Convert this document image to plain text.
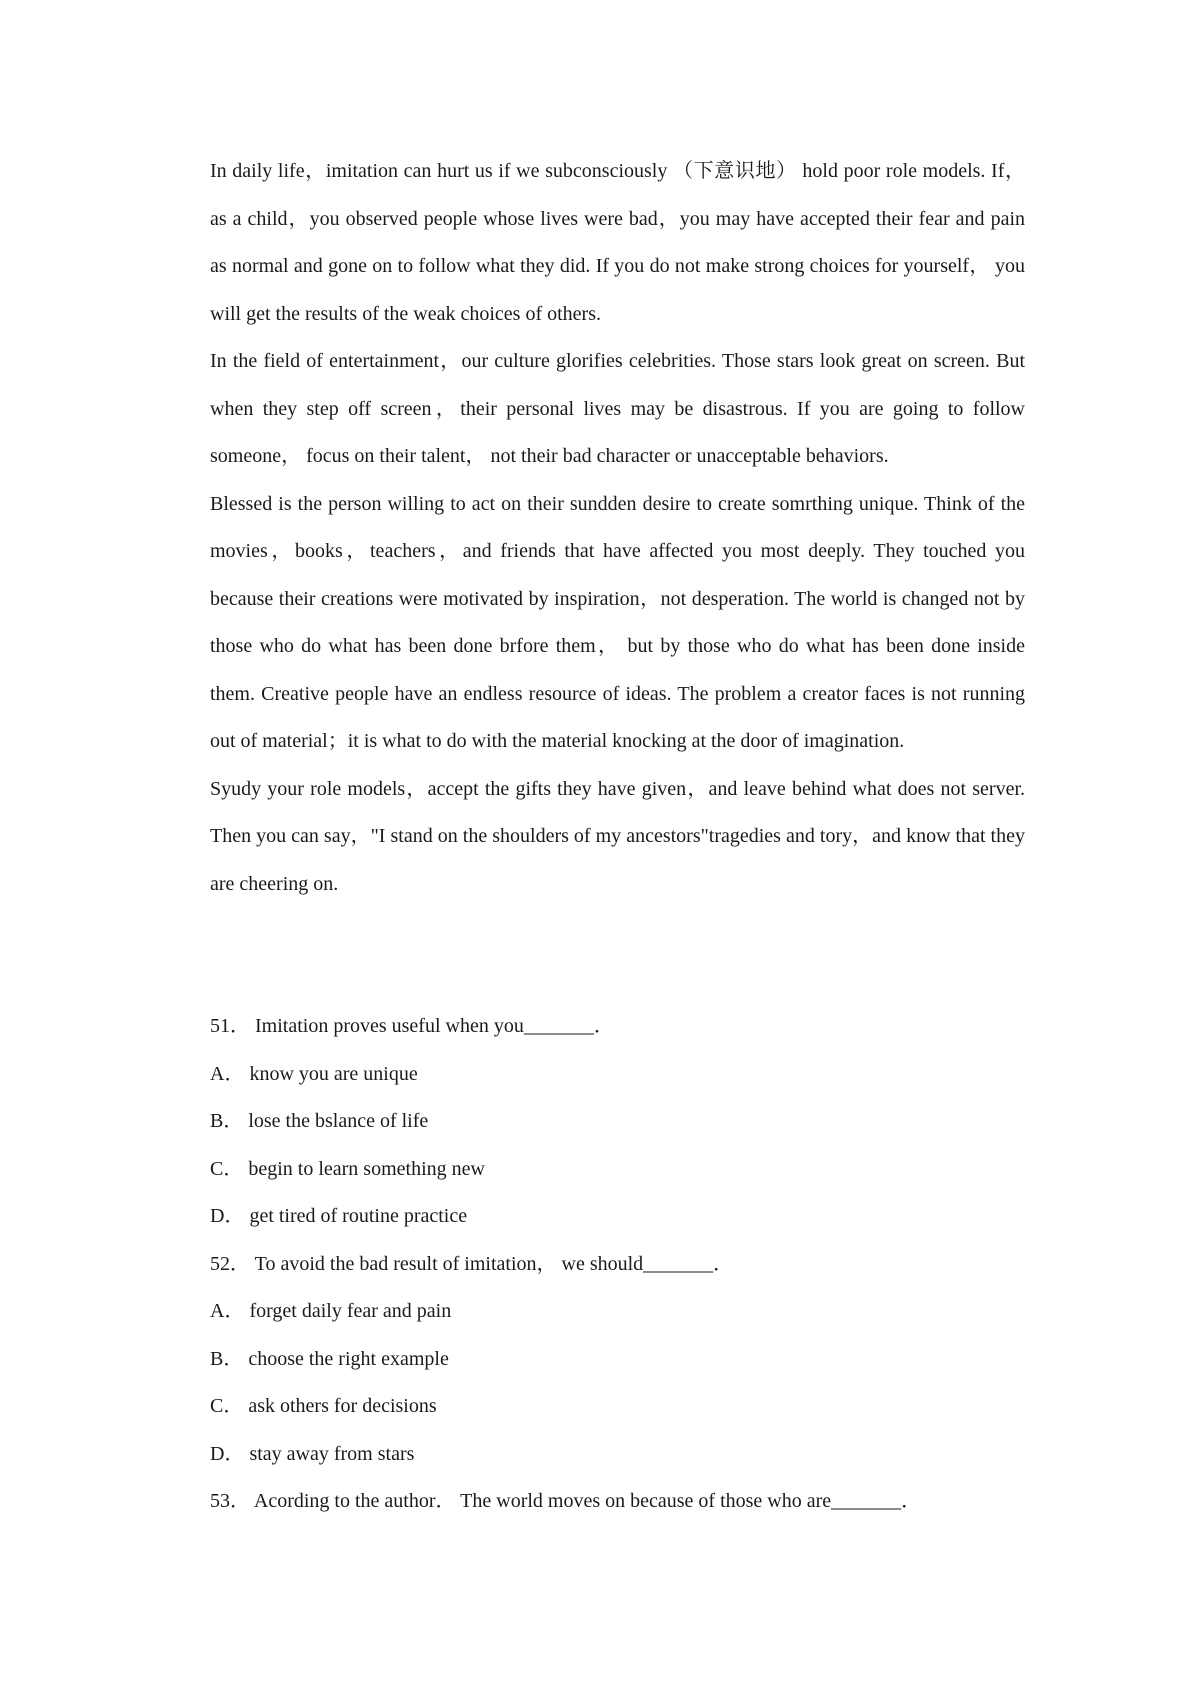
In daily life，imitation can hurt us if we subconsciously （下意识地） hold poor role models. If，as a child，you observed people whose lives were bad，you may have accepted their fear and pain as normal and gone on to follow what they did. If you do not make strong choices for yourself， you will get the results of the weak choices of others.

In the field of entertainment，our culture glorifies celebrities. Those stars look great on screen. But when they step off screen，their personal lives may be disastrous. If you are going to follow someone， focus on their talent， not their bad character or unacceptable behaviors.

Blessed is the person willing to act on their sundden desire to create somrthing unique. Think of the movies，books，teachers，and friends that have affected you most deeply. They touched you because their creations were motivated by inspiration，not desperation. The world is changed not by those who do what has been done brfore them， but by those who do what has been done inside them. Creative people have an endless resource of ideas. The problem a creator faces is not running out of material；it is what to do with the material knocking at the door of imagination.

Syudy your role models，accept the gifts they have given，and leave behind what does not server. Then you can say，"I stand on the shoulders of my ancestors"tragedies and tory，and know that they are cheering on.

51． Imitation proves useful when you_______．

A． know you are unique

B． lose the bslance of life

C． begin to learn something new

D． get tired of routine practice

52． To avoid the bad result of imitation， we should_______．

A． forget daily fear and pain

B． choose the right example

C． ask others for decisions

D． stay away from stars

53． Acording to the author． The world moves on because of those who are_______．
